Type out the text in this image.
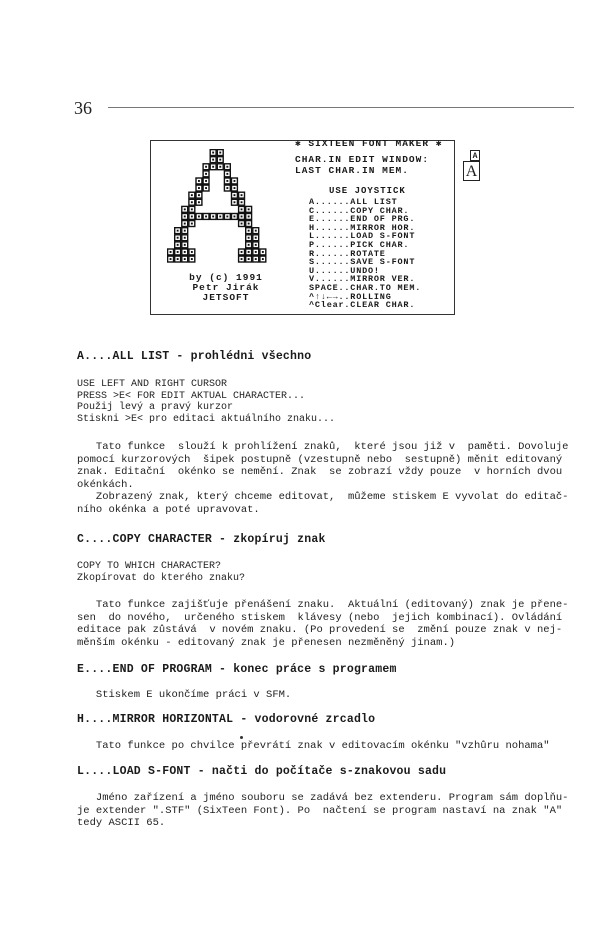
36
by (c) 1991
Petr Jirák
JETSOFT
✱ SIXTEEN FONT MAKER ✱
CHAR.IN EDIT WINDOW:	A
LAST CHAR.IN MEM.	A
USE JOYSTICK
A......ALL LIST
C......COPY CHAR.
E......END OF PRG.
H......MIRROR HOR.
L......LOAD S-FONT
P......PICK CHAR.
R......ROTATE
S......SAVE S-FONT
U......UNDO!
V......MIRROR VER.
SPACE..CHAR.TO MEM.
^↑↓←→..ROLLING
^Clear.CLEAR CHAR.
A....ALL LIST - prohlédni všechno
USE LEFT AND RIGHT CURSOR
PRESS >E< FOR EDIT AKTUAL CHARACTER...
Použij levý a pravý kurzor
Stiskni >E< pro editaci aktuálního znaku...
Tato funkce  slouží k prohlížení znaků,  které jsou již v  paměti. Dovoluje
pomocí kurzorových  šipek postupně (vzestupně nebo  sestupně) měnit editovaný
znak. Editační  okénko se nemění. Znak  se zobrazí vždy pouze  v horních dvou
okénkách.
Zobrazený znak, který chceme editovat,  můžeme stiskem E vyvolat do editač-
ního okénka a poté upravovat.
C....COPY CHARACTER - zkopíruj znak
COPY TO WHICH CHARACTER?
Zkopírovat do kterého znaku?
Tato funkce zajišťuje přenášení znaku.  Aktuální (editovaný) znak je přene-
sen  do nového,  určeného stiskem  klávesy (nebo  jejich kombinací). Ovládání
editace pak zůstává  v novém znaku. (Po provedení se  změní pouze znak v nej-
měnším okénku - editovaný znak je přenesen nezměněný jinam.)
E....END OF PROGRAM - konec práce s programem
Stiskem E ukončíme práci v SFM.
H....MIRROR HORIZONTAL - vodorovné zrcadlo
Tato funkce po chvilce převrátí znak v editovacím okénku "vzhůru nohama"
L....LOAD S-FONT - načti do počítače s-znakovou sadu
Jméno zařízení a jméno souboru se zadává bez extenderu. Program sám doplňu-
je extender ".STF" (SixTeen Font). Po  načtení se program nastaví na znak "A"
tedy ASCII 65.
